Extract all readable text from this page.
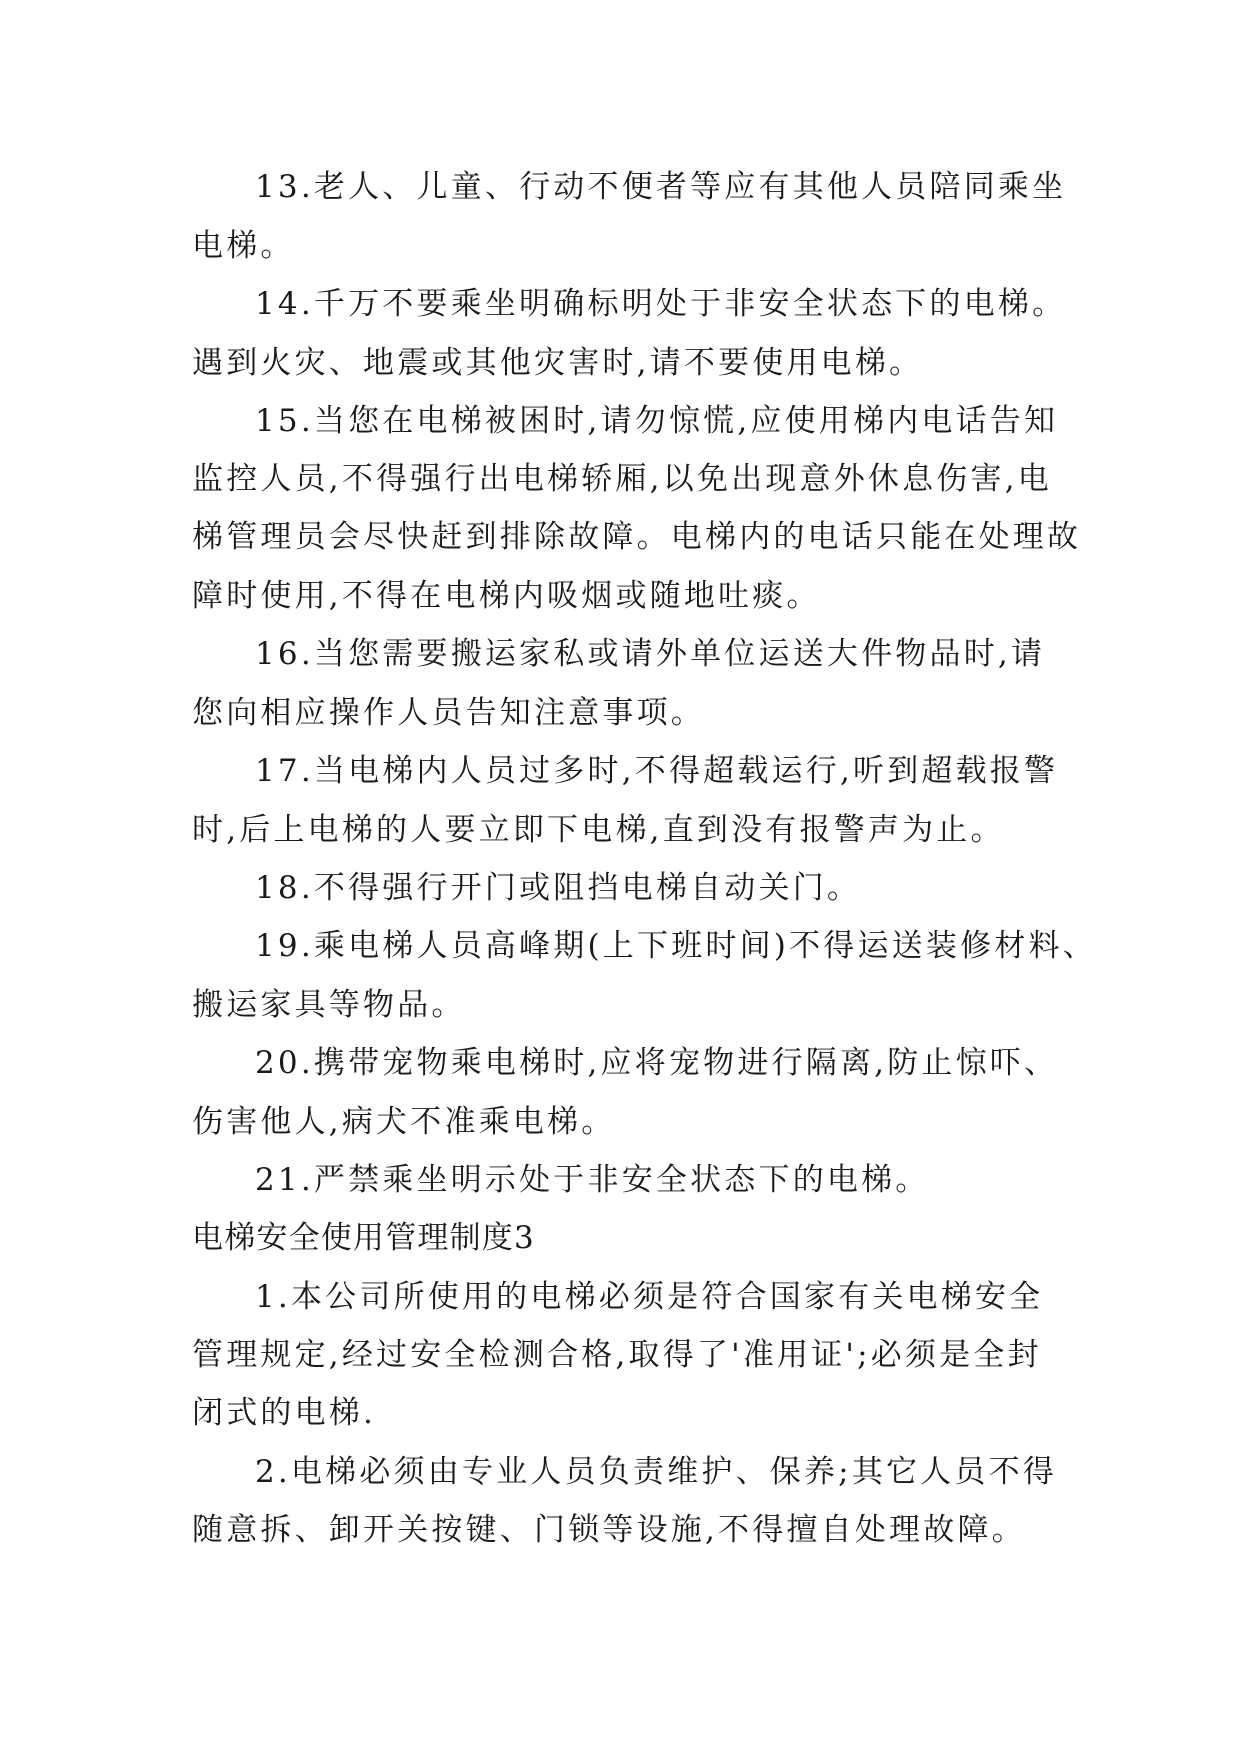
13.老人、儿童、行动不便者等应有其他人员陪同乘坐
电梯。
14.千万不要乘坐明确标明处于非安全状态下的电梯。
遇到火灾、地震或其他灾害时,请不要使用电梯。
15.当您在电梯被困时,请勿惊慌,应使用梯内电话告知
监控人员,不得强行出电梯轿厢,以免出现意外休息伤害,电
梯管理员会尽快赶到排除故障。电梯内的电话只能在处理故
障时使用,不得在电梯内吸烟或随地吐痰。
16.当您需要搬运家私或请外单位运送大件物品时,请
您向相应操作人员告知注意事项。
17.当电梯内人员过多时,不得超载运行,听到超载报警
时,后上电梯的人要立即下电梯,直到没有报警声为止。
18.不得强行开门或阻挡电梯自动关门。
19.乘电梯人员高峰期(上下班时间)不得运送装修材料、
搬运家具等物品。
20.携带宠物乘电梯时,应将宠物进行隔离,防止惊吓、
伤害他人,病犬不准乘电梯。
21.严禁乘坐明示处于非安全状态下的电梯。
电梯安全使用管理制度3
1.本公司所使用的电梯必须是符合国家有关电梯安全
管理规定,经过安全检测合格,取得了'准用证';必须是全封
闭式的电梯.
2.电梯必须由专业人员负责维护、保养;其它人员不得
随意拆、卸开关按键、门锁等设施,不得擅自处理故障。
